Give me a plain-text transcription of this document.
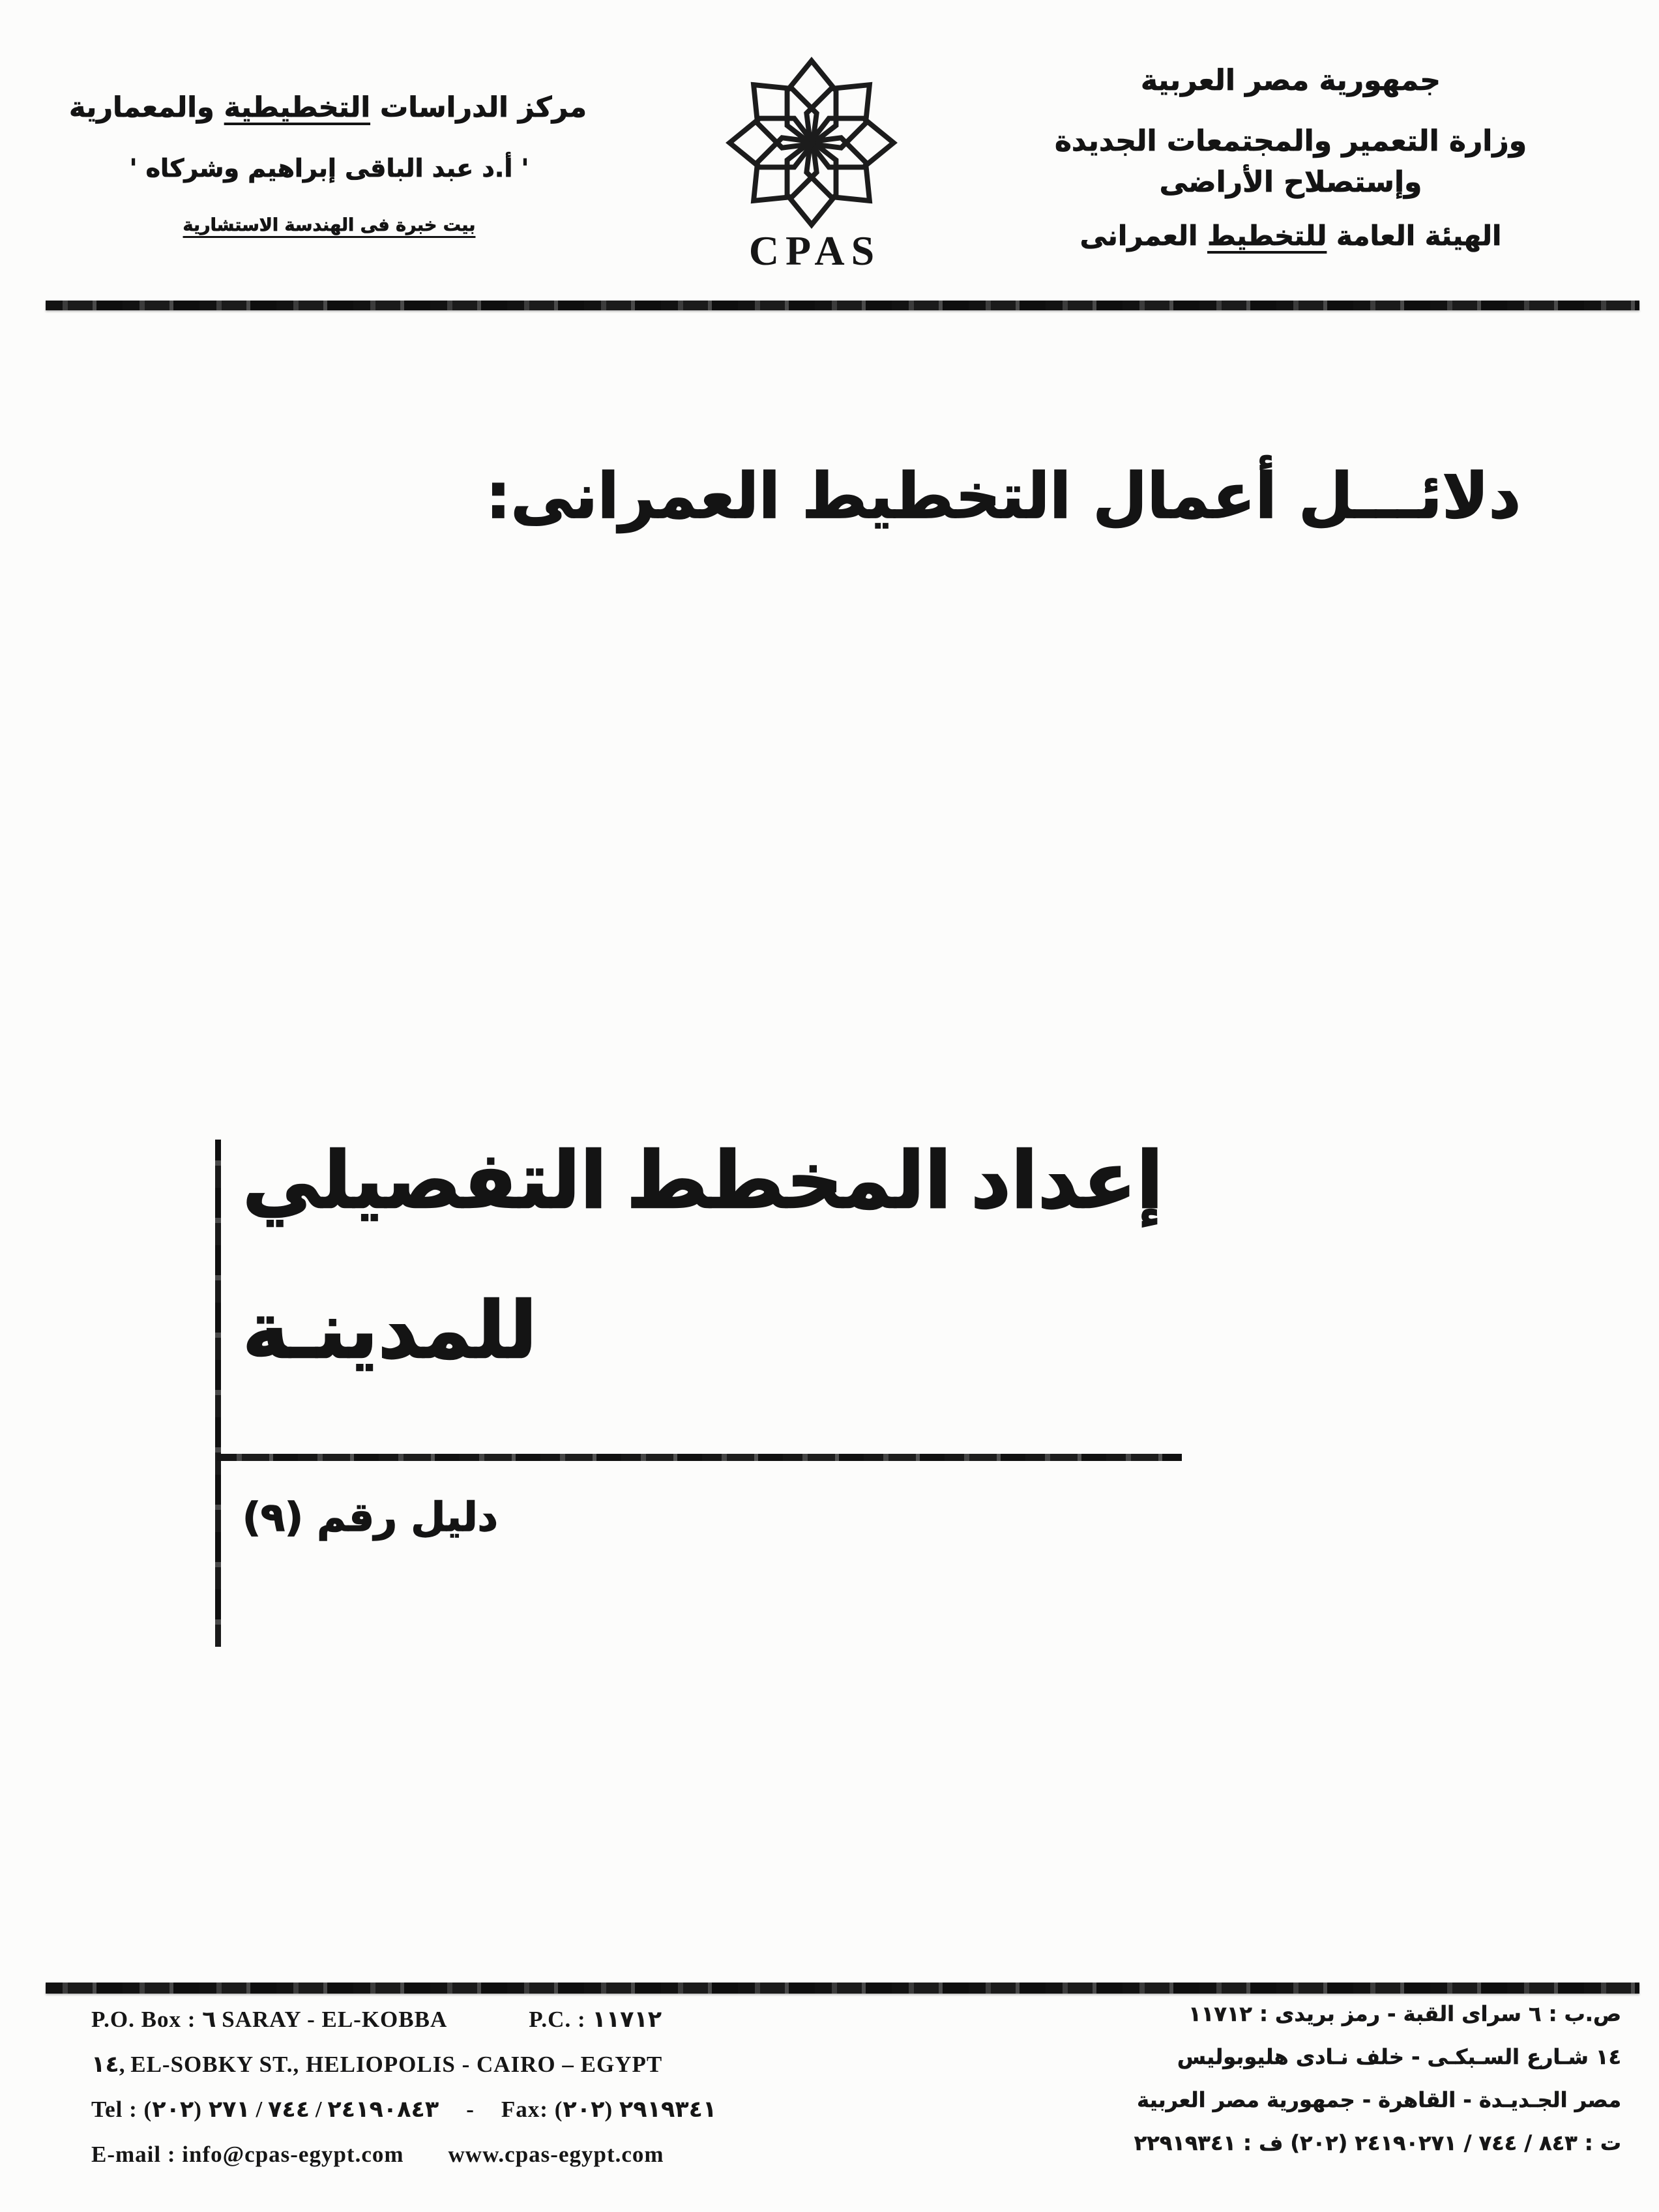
مركز الدراسات التخطيطية والمعمارية
' أ.د عبد الباقى إبراهيم وشركاه '
بيت خبرة فى الهندسة الاستشارية
CPAS
جمهورية مصر العربية
وزارة التعمير والمجتمعات الجديدة
وإستصلاح الأراضى
الهيئة العامة للتخطيط العمرانى
دلائـــل أعمال التخطيط العمرانى:
إعداد المخطط التفصيلي
للمدينـة
دليل رقم (٩)
P.O. Box : ٦ SARAY - EL-KOBBA	P.C. : ١١٧١٢
١٤, EL-SOBKY ST., HELIOPOLIS - CAIRO – EGYPT
Tel : (٢٠٢) ٢٤١٩٠٨٤٣ / ٧٤٤ / ٢٧١ - Fax: (٢٠٢) ٢٩١٩٣٤١
E-mail : info@cpas-egypt.com www.cpas-egypt.com
ص.ب : ٦ سراى القبة - رمز بريدى : ١١٧١٢
١٤ شـارع السـبكـى - خلف نـادى هليوبوليس
مصر الجـديـدة - القاهرة - جمهورية مصر العربية
ت : ٨٤٣ / ٧٤٤ / ٢٤١٩٠٢٧١ (٢٠٢) ف : ٢٢٩١٩٣٤١
